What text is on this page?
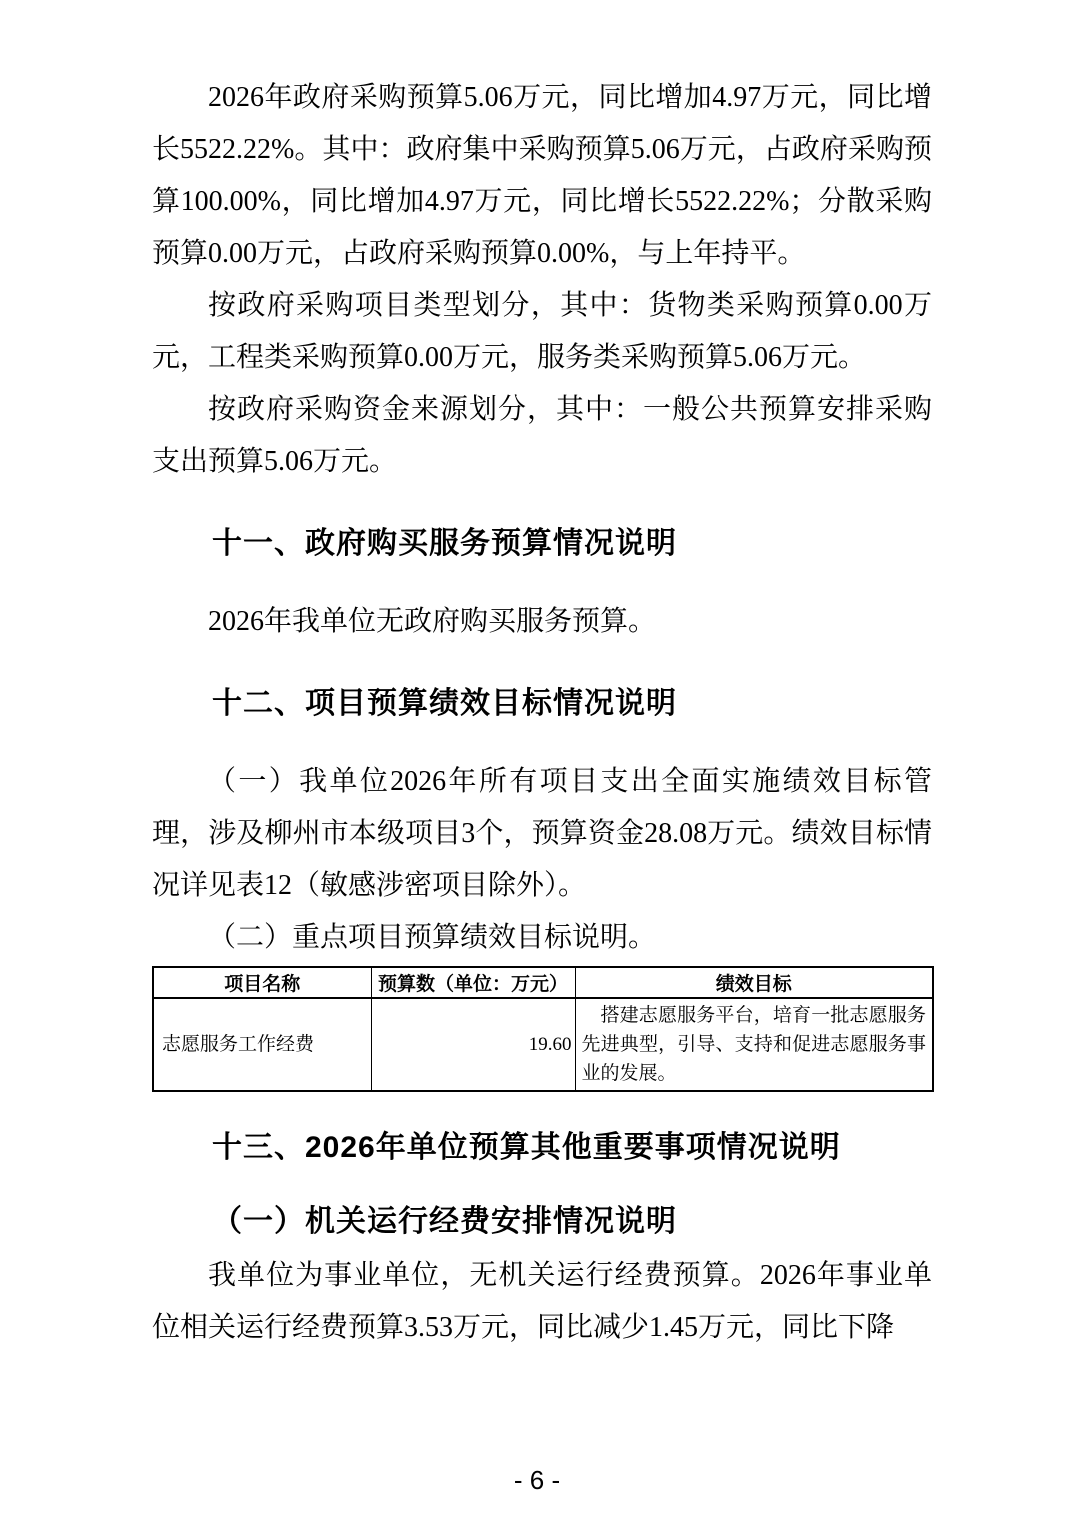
2026年政府采购预算5.06万元，同比增加4.97万元，同比增长5522.22%。其中：政府集中采购预算5.06万元，占政府采购预算100.00%，同比增加4.97万元，同比增长5522.22%；分散采购预算0.00万元，占政府采购预算0.00%，与上年持平。

按政府采购项目类型划分，其中：货物类采购预算0.00万元，工程类采购预算0.00万元，服务类采购预算5.06万元。

按政府采购资金来源划分，其中：一般公共预算安排采购支出预算5.06万元。

十一、政府购买服务预算情况说明

2026年我单位无政府购买服务预算。

十二、项目预算绩效目标情况说明

（一）我单位2026年所有项目支出全面实施绩效目标管理，涉及柳州市本级项目3个，预算资金28.08万元。绩效目标情况详见表12（敏感涉密项目除外）。

（二）重点项目预算绩效目标说明。

项目名称	预算数（单位：万元）	绩效目标
志愿服务工作经费	19.60	搭建志愿服务平台，培育一批志愿服务先进典型，引导、支持和促进志愿服务事业的发展。
十三、2026年单位预算其他重要事项情况说明
（一）机关运行经费安排情况说明

我单位为事业单位，无机关运行经费预算。2026年事业单位相关运行经费预算3.53万元，同比减少1.45万元，同比下降

- 6 -
